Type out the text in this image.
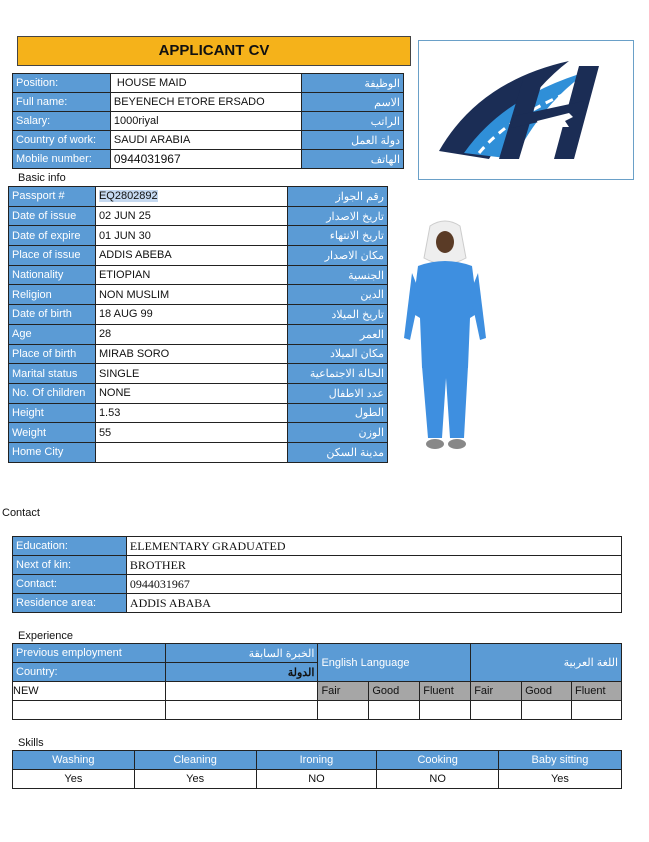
APPLICANT CV
Position:	HOUSE MAID	الوظيفة
Full name:	BEYENECH ETORE ERSADO	الاسم
Salary:	1000riyal	الراتب
Country of work:	SAUDI ARABIA	دولة العمل
Mobile number:	0944031967	الهاتف
Basic info
Passport #	EQ2802892	رقم الجواز
Date of issue	02 JUN 25	تاريخ الاصدار
Date of expire	01 JUN 30	تاريخ الانتهاء
Place of issue	ADDIS ABEBA	مكان الاصدار
Nationality	ETIOPIAN	الجنسية
Religion	NON MUSLIM	الدين
Date of birth	18 AUG 99	تاريخ الميلاد
Age	28	العمر
Place of birth	MIRAB SORO	مكان الميلاد
Marital status	SINGLE	الحالة الاجتماعية
No. Of children	NONE	عدد الاطفال
Height	1.53	الطول
Weight	55	الوزن
Home City		مدينة السكن
Contact
Education:	ELEMENTARY GRADUATED
Next of kin:	BROTHER
Contact:	0944031967
Residence area:	ADDIS ABABA
Experience
Previous employment	الخبرة السابقة	English Language			اللغة العربية		
Country:	الدولة						
NEW		Fair	Good	Fluent	Fair	Good	Fluent

Skills
Washing	Cleaning	Ironing	Cooking	Baby sitting
Yes	Yes	NO	NO	Yes
